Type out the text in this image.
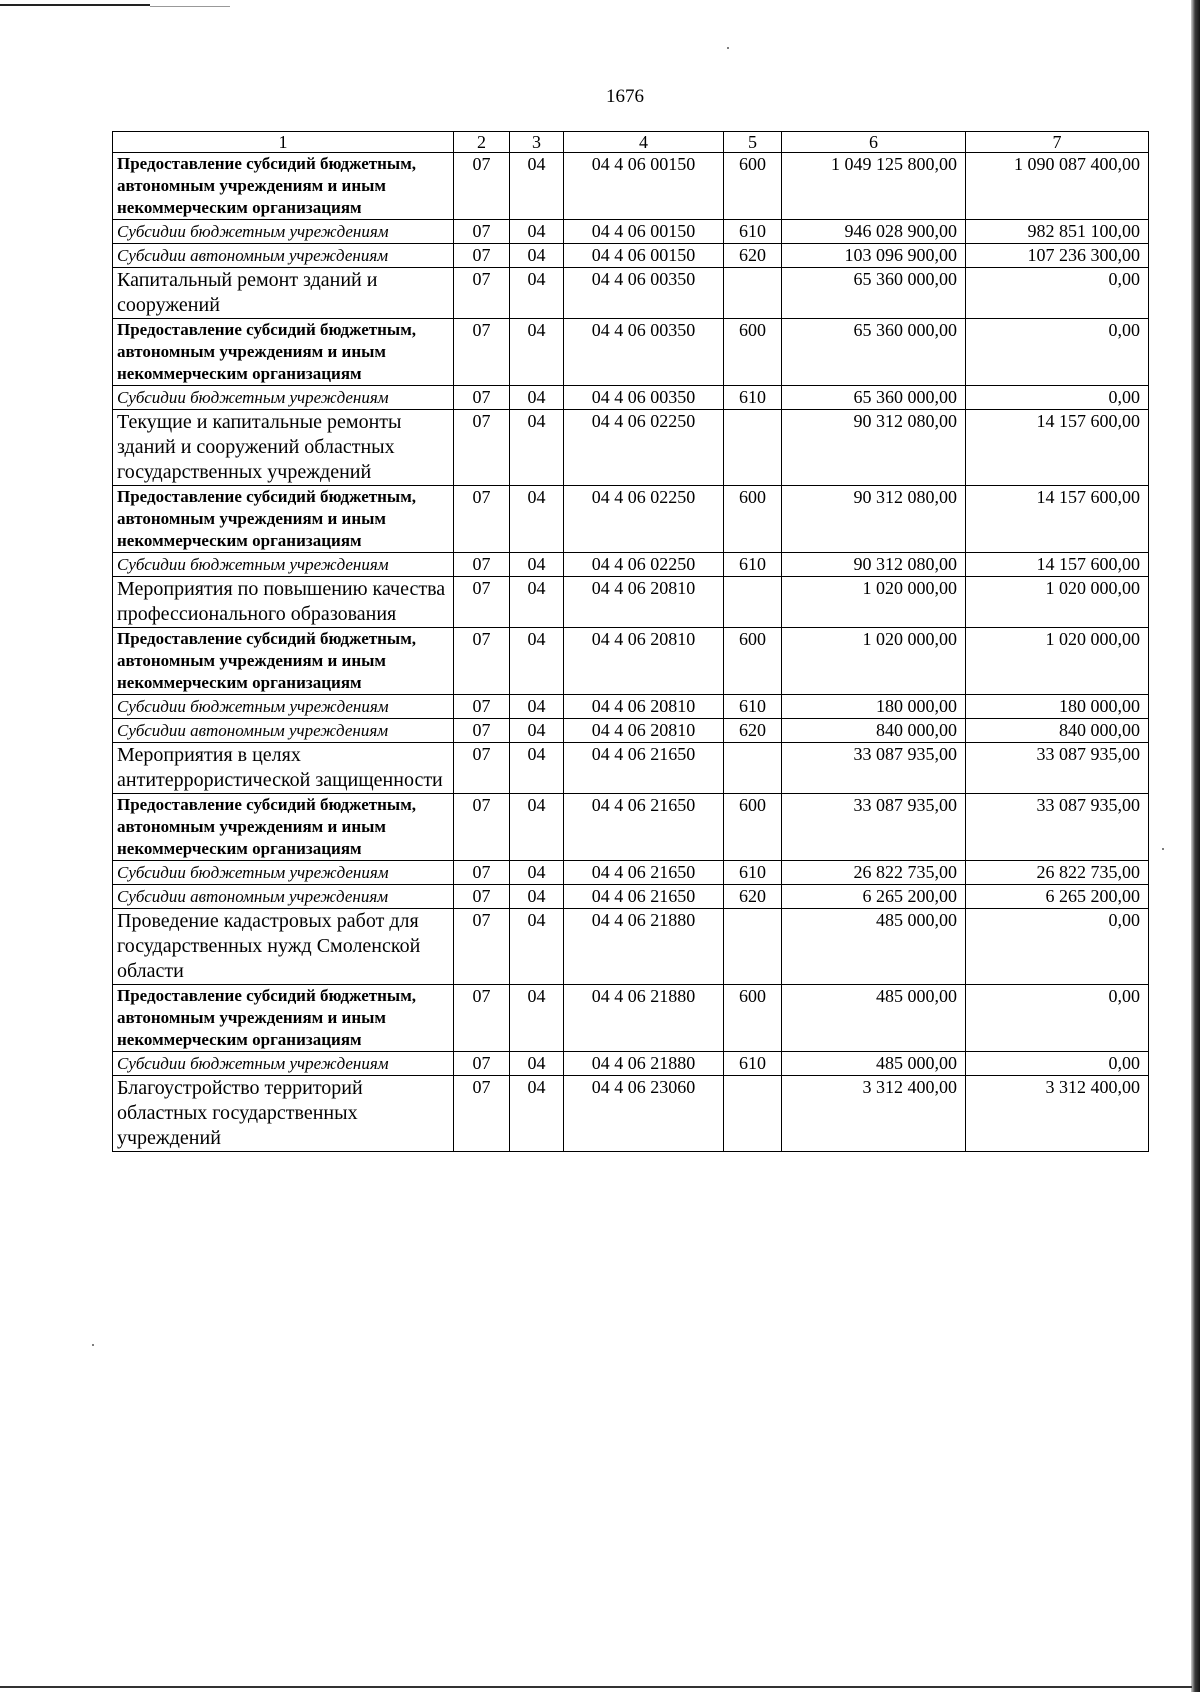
1676
1	2	3	4	5	6	7
Предоставление субсидий бюджетным, автономным учреждениям и иным некоммерческим организациям	07	04	04 4 06 00150	600	1 049 125 800,00	1 090 087 400,00
Субсидии бюджетным учреждениям	07	04	04 4 06 00150	610	946 028 900,00	982 851 100,00
Субсидии автономным учреждениям	07	04	04 4 06 00150	620	103 096 900,00	107 236 300,00
Капитальный ремонт зданий и сооружений	07	04	04 4 06 00350		65 360 000,00	0,00
Предоставление субсидий бюджетным, автономным учреждениям и иным некоммерческим организациям	07	04	04 4 06 00350	600	65 360 000,00	0,00
Субсидии бюджетным учреждениям	07	04	04 4 06 00350	610	65 360 000,00	0,00
Текущие и капитальные ремонты зданий и сооружений областных государственных учреждений	07	04	04 4 06 02250		90 312 080,00	14 157 600,00
Предоставление субсидий бюджетным, автономным учреждениям и иным некоммерческим организациям	07	04	04 4 06 02250	600	90 312 080,00	14 157 600,00
Субсидии бюджетным учреждениям	07	04	04 4 06 02250	610	90 312 080,00	14 157 600,00
Мероприятия по повышению качества профессионального образования	07	04	04 4 06 20810		1 020 000,00	1 020 000,00
Предоставление субсидий бюджетным, автономным учреждениям и иным некоммерческим организациям	07	04	04 4 06 20810	600	1 020 000,00	1 020 000,00
Субсидии бюджетным учреждениям	07	04	04 4 06 20810	610	180 000,00	180 000,00
Субсидии автономным учреждениям	07	04	04 4 06 20810	620	840 000,00	840 000,00
Мероприятия в целях антитеррористической защищенности	07	04	04 4 06 21650		33 087 935,00	33 087 935,00
Предоставление субсидий бюджетным, автономным учреждениям и иным некоммерческим организациям	07	04	04 4 06 21650	600	33 087 935,00	33 087 935,00
Субсидии бюджетным учреждениям	07	04	04 4 06 21650	610	26 822 735,00	26 822 735,00
Субсидии автономным учреждениям	07	04	04 4 06 21650	620	6 265 200,00	6 265 200,00
Проведение кадастровых работ для государственных нужд Смоленской области	07	04	04 4 06 21880		485 000,00	0,00
Предоставление субсидий бюджетным, автономным учреждениям и иным некоммерческим организациям	07	04	04 4 06 21880	600	485 000,00	0,00
Субсидии бюджетным учреждениям	07	04	04 4 06 21880	610	485 000,00	0,00
Благоустройство территорий областных государственных учреждений	07	04	04 4 06 23060		3 312 400,00	3 312 400,00
